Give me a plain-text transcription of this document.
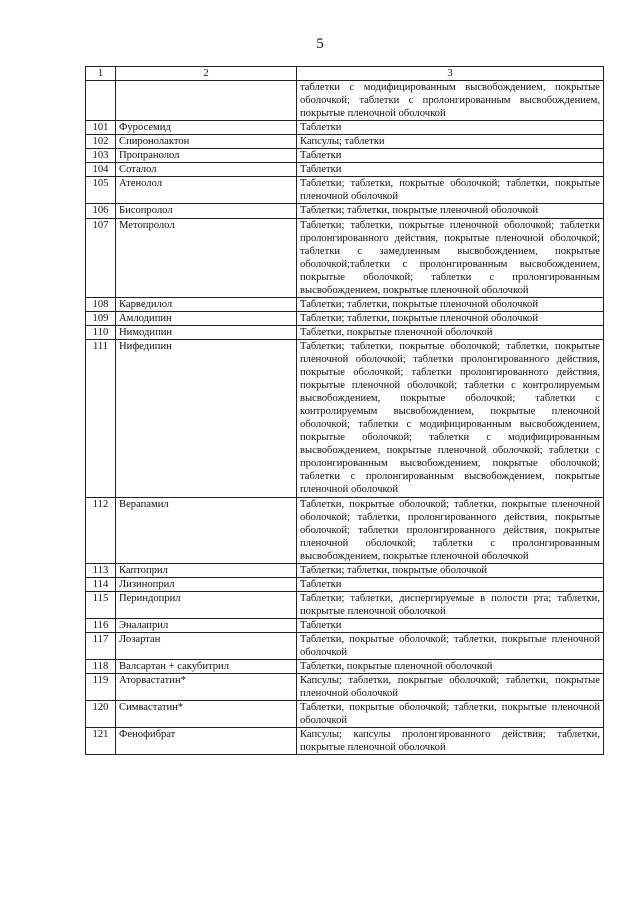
5
1	2	3
		таблетки с модифицированным высвобождением, покрытые оболочкой; таблетки с пролонгированным высвобождением, покрытые пленочной оболочкой
101	Фуросемид	Таблетки
102	Спиронолактон	Капсулы; таблетки
103	Пропранолол	Таблетки
104	Соталол	Таблетки
105	Атенолол	Таблетки; таблетки, покрытые оболочкой; таблетки, покрытые пленочной оболочкой
106	Бисопролол	Таблетки; таблетки, покрытые пленочной оболочкой
107	Метопролол	Таблетки; таблетки, покрытые пленочной оболочкой; таблетки пролонгированного действия, покрытые пленочной оболочкой; таблетки с замедленным высвобождением, покрытые оболочкой;таблетки с пролонгированным высвобождением, покрытые оболочкой; таблетки с пролонгированным высвобождением, покрытые пленочной оболочкой
108	Карведилол	Таблетки; таблетки, покрытые пленочной оболочкой
109	Амлодипин	Таблетки; таблетки, покрытые пленочной оболочкой
110	Нимодипин	Таблетки, покрытые пленочной оболочкой
111	Нифедипин	Таблетки; таблетки, покрытые оболочкой; таблетки, покрытые пленочной оболочкой; таблетки пролонгированного действия, покрытые оболочкой; таблетки пролонгированного действия, покрытые пленочной оболочкой; таблетки с контролируемым высвобождением, покрытые оболочкой; таблетки с контролируемым высвобождением, покрытые пленочной оболочкой; таблетки с модифицированным высвобождением, покрытые оболочкой; таблетки с модифицированным высвобождением, покрытые пленочной оболочкой; таблетки с пролонгированным высвобождением, покрытые оболочкой; таблетки с пролонгированным высвобождением, покрытые пленочной оболочкой
112	Верапамил	Таблетки, покрытые оболочкой; таблетки, покрытые пленочной оболочкой; таблетки, пролонгированного действия, покрытые оболочкой; таблетки пролонгированного действия, покрытые пленочной оболочкой; таблетки с пролонгированным высвобождением, покрытые пленочной оболочкой
113	Каптоприл	Таблетки; таблетки, покрытые оболочкой
114	Лизиноприл	Таблетки
115	Периндоприл	Таблетки; таблетки, диспергируемые в полости рта; таблетки, покрытые пленочной оболочкой
116	Эналаприл	Таблетки
117	Лозартан	Таблетки, покрытые оболочкой; таблетки, покрытые пленочной оболочкой
118	Валсартан + сакубитрил	Таблетки, покрытые пленочной оболочкой
119	Аторвастатин*	Капсулы; таблетки, покрытые оболочкой; таблетки, покрытые пленочной оболочкой
120	Симвастатин*	Таблетки, покрытые оболочкой; таблетки, покрытые пленочной оболочкой
121	Фенофибрат	Капсулы; капсулы пролонгированного действия; таблетки, покрытые пленочной оболочкой
